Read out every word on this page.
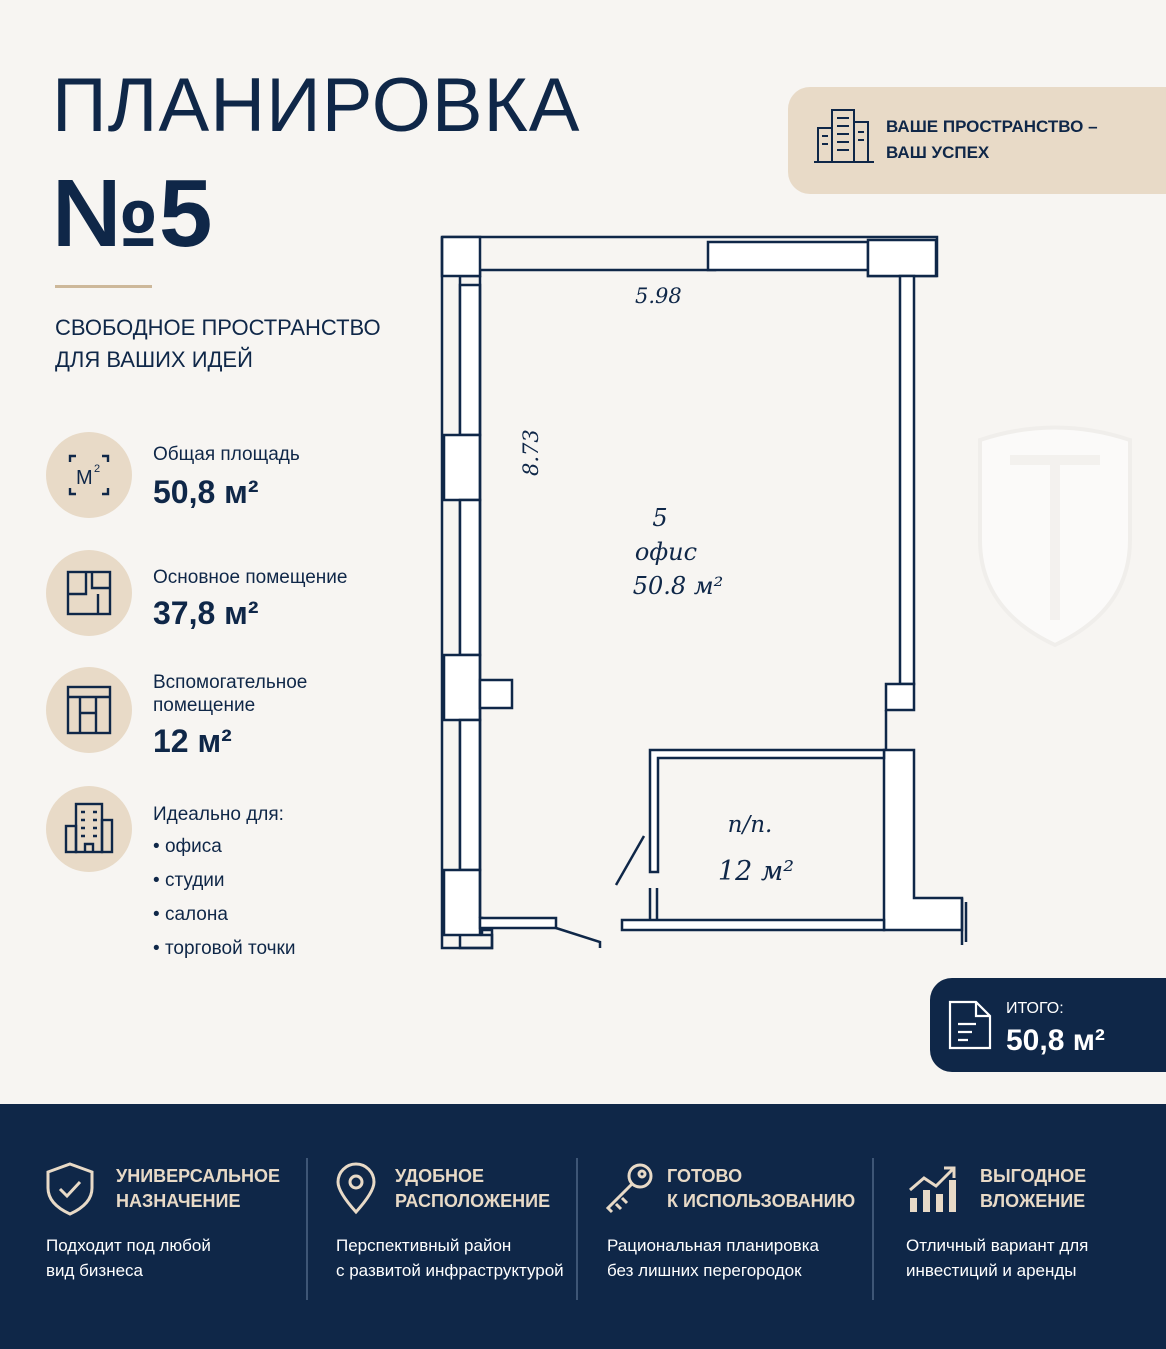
ПЛАНИРОВКА
№5
СВОБОДНОЕ ПРОСТРАНСТВО
ДЛЯ ВАШИХ ИДЕЙ
ВАШЕ ПРОСТРАНСТВО –
ВАШ УСПЕХ
M 2
Общая площадь
50,8 м²
Основное помещение
37,8 м²
Вспомогательное
помещение
12 м²
Идеально для:
• офиса
• студии
• салона
• торговой точки
5.98
8.73
5
офис
50.8 м²
п/п.
12 м²
ИТОГО:
50,8 м²
УНИВЕРСАЛЬНОЕ
НАЗНАЧЕНИЕ
Подходит под любой
вид бизнеса
УДОБНОЕ
РАСПОЛОЖЕНИЕ
Перспективный район
с развитой инфраструктурой
ГОТОВО
К ИСПОЛЬЗОВАНИЮ
Рациональная планировка
без лишних перегородок
ВЫГОДНОЕ
ВЛОЖЕНИЕ
Отличный вариант для
инвестиций и аренды
